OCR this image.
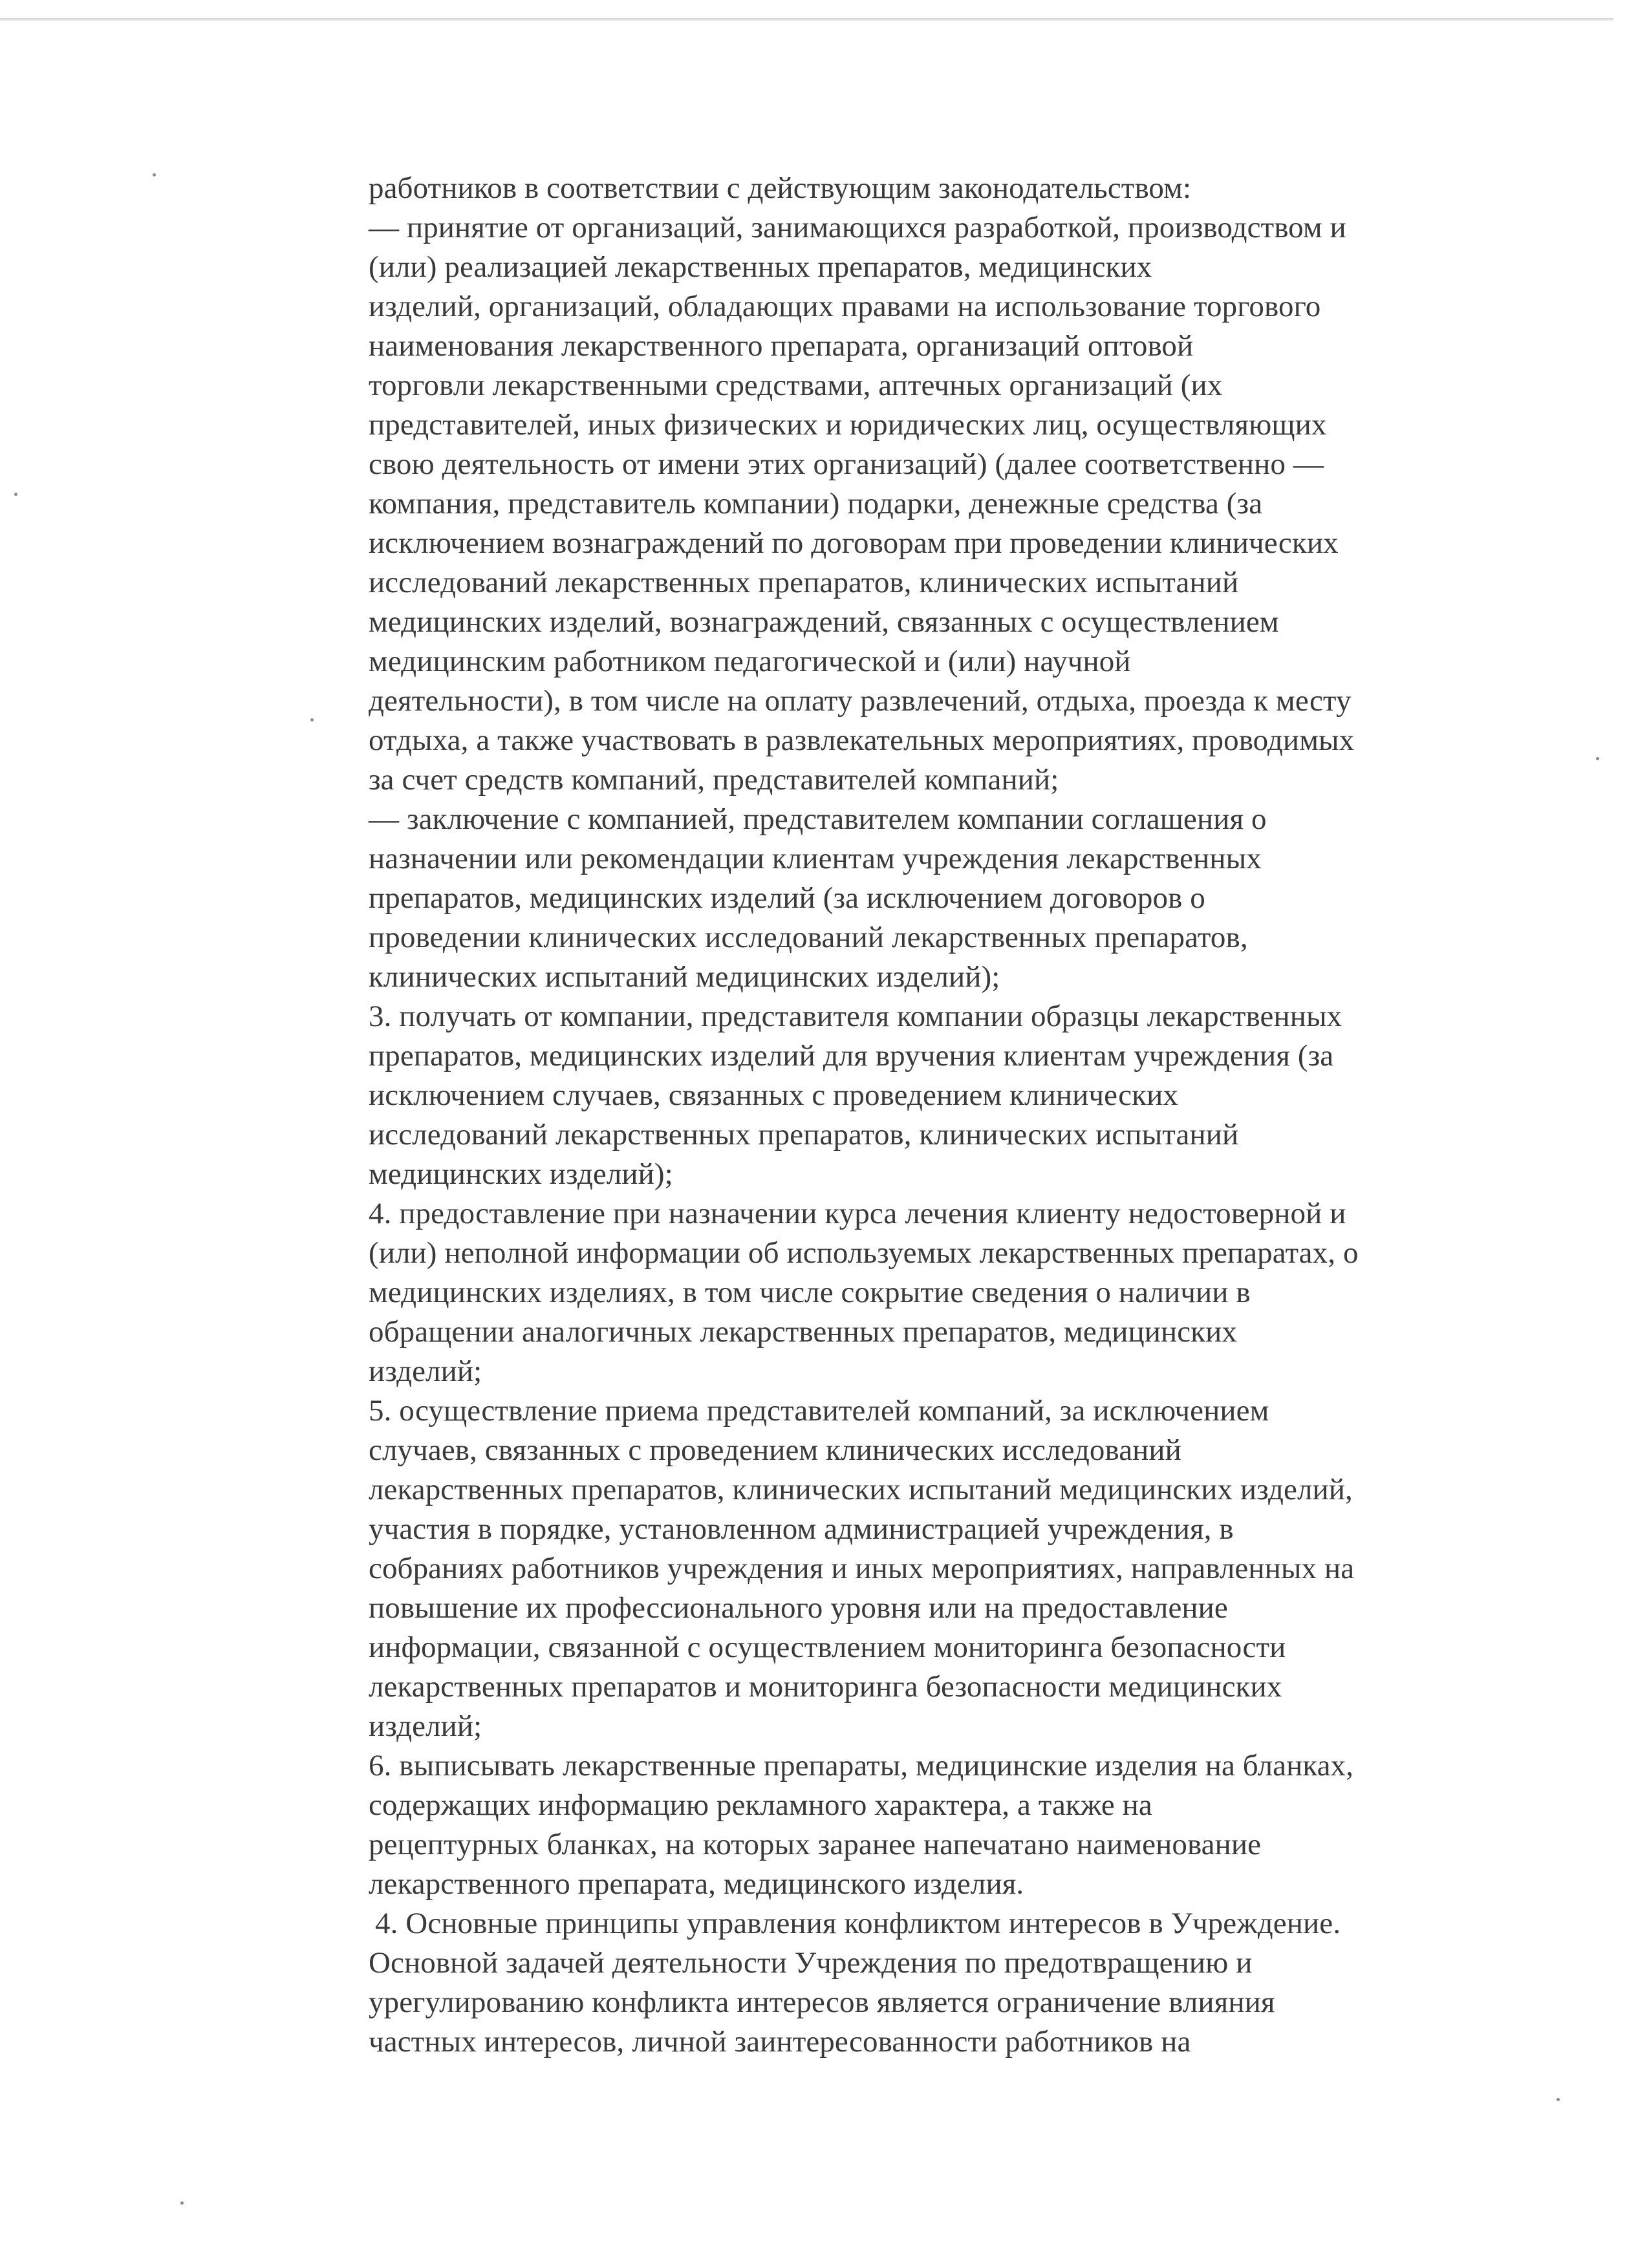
работников в соответствии с действующим законодательством:
— принятие от организаций, занимающихся разработкой, производством и
(или) реализацией лекарственных препаратов, медицинских
изделий, организаций, обладающих правами на использование торгового
наименования лекарственного препарата, организаций оптовой
торговли лекарственными средствами, аптечных организаций (их
представителей, иных физических и юридических лиц, осуществляющих
свою деятельность от имени этих организаций) (далее соответственно —
компания, представитель компании) подарки, денежные средства (за
исключением вознаграждений по договорам при проведении клинических
исследований лекарственных препаратов, клинических испытаний
медицинских изделий, вознаграждений, связанных с осуществлением
медицинским работником педагогической и (или) научной
деятельности), в том числе на оплату развлечений, отдыха, проезда к месту
отдыха, а также участвовать в развлекательных мероприятиях, проводимых
за счет средств компаний, представителей компаний;
— заключение с компанией, представителем компании соглашения о
назначении или рекомендации клиентам учреждения лекарственных
препаратов, медицинских изделий (за исключением договоров о
проведении клинических исследований лекарственных препаратов,
клинических испытаний медицинских изделий);
3. получать от компании, представителя компании образцы лекарственных
препаратов, медицинских изделий для вручения клиентам учреждения (за
исключением случаев, связанных с проведением клинических
исследований лекарственных препаратов, клинических испытаний
медицинских изделий);
4. предоставление при назначении курса лечения клиенту недостоверной и
(или) неполной информации об используемых лекарственных препаратах, о
медицинских изделиях, в том числе сокрытие сведения о наличии в
обращении аналогичных лекарственных препаратов, медицинских
изделий;
5. осуществление приема представителей компаний, за исключением
случаев, связанных с проведением клинических исследований
лекарственных препаратов, клинических испытаний медицинских изделий,
участия в порядке, установленном администрацией учреждения, в
собраниях работников учреждения и иных мероприятиях, направленных на
повышение их профессионального уровня или на предоставление
информации, связанной с осуществлением мониторинга безопасности
лекарственных препаратов и мониторинга безопасности медицинских
изделий;
6. выписывать лекарственные препараты, медицинские изделия на бланках,
содержащих информацию рекламного характера, а также на
рецептурных бланках, на которых заранее напечатано наименование
лекарственного препарата, медицинского изделия.
4. Основные принципы управления конфликтом интересов в Учреждение.
Основной задачей деятельности Учреждения по предотвращению и
урегулированию конфликта интересов является ограничение влияния
частных интересов, личной заинтересованности работников на
